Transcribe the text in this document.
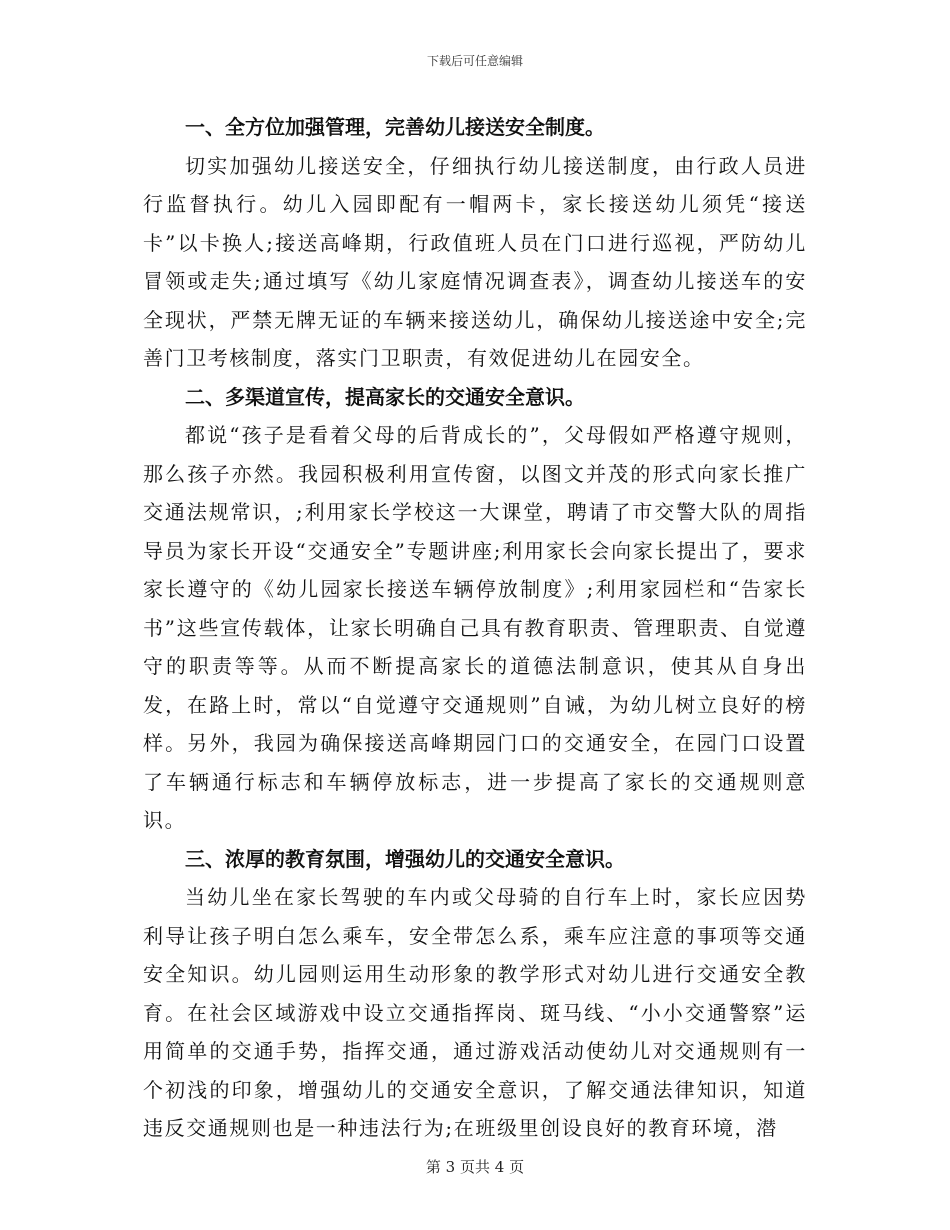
下载后可任意编辑

一、全方位加强管理，完善幼儿接送安全制度。

切实加强幼儿接送安全，仔细执行幼儿接送制度，由行政人员进行监督执行。幼儿入园即配有一帽两卡，家长接送幼儿须凭“接送卡”以卡换人;接送高峰期，行政值班人员在门口进行巡视，严防幼儿冒领或走失;通过填写《幼儿家庭情况调查表》，调查幼儿接送车的安全现状，严禁无牌无证的车辆来接送幼儿，确保幼儿接送途中安全;完善门卫考核制度，落实门卫职责，有效促进幼儿在园安全。

二、多渠道宣传，提高家长的交通安全意识。

都说“孩子是看着父母的后背成长的”，父母假如严格遵守规则，那么孩子亦然。我园积极利用宣传窗，以图文并茂的形式向家长推广交通法规常识，;利用家长学校这一大课堂，聘请了市交警大队的周指导员为家长开设“交通安全”专题讲座;利用家长会向家长提出了，要求家长遵守的《幼儿园家长接送车辆停放制度》;利用家园栏和“告家长书”这些宣传载体，让家长明确自己具有教育职责、管理职责、自觉遵守的职责等等。从而不断提高家长的道德法制意识，使其从自身出发，在路上时，常以“自觉遵守交通规则”自诫，为幼儿树立良好的榜样。另外，我园为确保接送高峰期园门口的交通安全，在园门口设置了车辆通行标志和车辆停放标志，进一步提高了家长的交通规则意识。

三、浓厚的教育氛围，增强幼儿的交通安全意识。

当幼儿坐在家长驾驶的车内或父母骑的自行车上时，家长应因势利导让孩子明白怎么乘车，安全带怎么系，乘车应注意的事项等交通安全知识。幼儿园则运用生动形象的教学形式对幼儿进行交通安全教育。在社会区域游戏中设立交通指挥岗、斑马线、“小小交通警察”运用简单的交通手势，指挥交通，通过游戏活动使幼儿对交通规则有一个初浅的印象，增强幼儿的交通安全意识，了解交通法律知识，知道违反交通规则也是一种违法行为;在班级里创设良好的教育环境，潜

第 3 页共 4 页
